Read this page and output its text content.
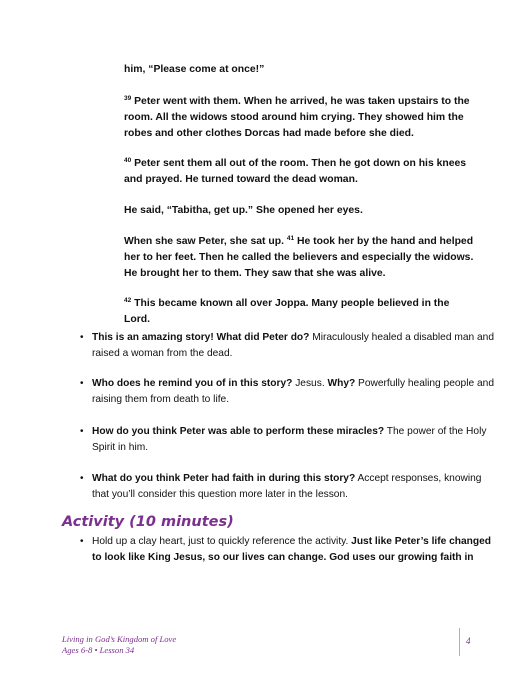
him, “Please come at once!”
$^{39}$ Peter went with them. When he arrived, he was taken upstairs to the room. All the widows stood around him crying. They showed him the robes and other clothes Dorcas had made before she died.
$^{40}$ Peter sent them all out of the room. Then he got down on his knees and prayed. He turned toward the dead woman.
He said, “Tabitha, get up.” She opened her eyes.
When she saw Peter, she sat up. $^{41}$ He took her by the hand and helped her to her feet. Then he called the believers and especially the widows. He brought her to them. They saw that she was alive.
$^{42}$ This became known all over Joppa. Many people believed in the Lord.
• This is an amazing story! What did Peter do? Miraculously healed a disabled man and raised a woman from the dead.
• Who does he remind you of in this story? Jesus. Why? Powerfully healing people and raising them from death to life.
• How do you think Peter was able to perform these miracles? The power of the Holy Spirit in him.
• What do you think Peter had faith in during this story? Accept responses, knowing that you’ll consider this question more later in the lesson.
Activity (10 minutes)
• Hold up a clay heart, just to quickly reference the activity. Just like Peter’s life changed to look like King Jesus, so our lives can change. God uses our growing faith in
Living in God’s Kingdom of Love
Ages 6-8 • Lesson 34
4
